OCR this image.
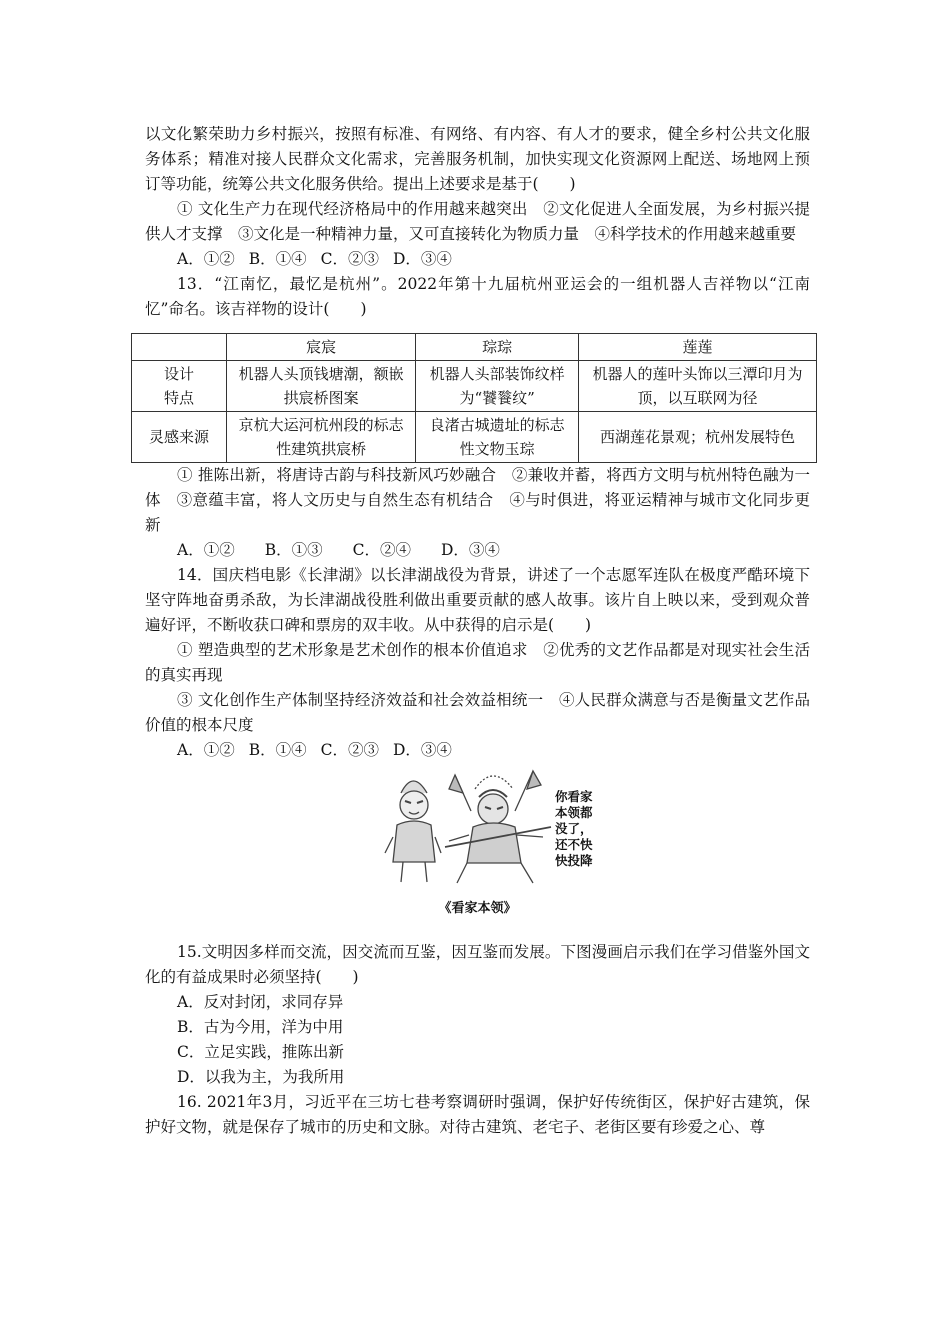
以文化繁荣助力乡村振兴，按照有标准、有网络、有内容、有人才的要求，健全乡村公共文化服务体系；精准对接人民群众文化需求，完善服务机制，加快实现文化资源网上配送、场地网上预订等功能，统筹公共文化服务供给。提出上述要求是基于(　　)

① 文化生产力在现代经济格局中的作用越来越突出　②文化促进人全面发展，为乡村振兴提供人才支撑　③文化是一种精神力量，又可直接转化为物质力量　④科学技术的作用越来越重要

A．①② B．①④ C．②③ D．③④

13．“江南忆，最忆是杭州”。2022年第十九届杭州亚运会的一组机器人吉祥物以“江南忆”命名。该吉祥物的设计(　　)

	宸宸	琮琮	莲莲

设计
特点	机器人头顶钱塘潮，额嵌拱宸桥图案	机器人头部装饰纹样为“饕餮纹”	机器人的莲叶头饰以三潭印月为顶，以互联网为径
灵感来源	京杭大运河杭州段的标志性建筑拱宸桥	良渚古城遗址的标志性文物玉琮	西湖莲花景观；杭州发展特色

① 推陈出新，将唐诗古韵与科技新风巧妙融合　②兼收并蓄，将西方文明与杭州特色融为一体　③意蕴丰富，将人文历史与自然生态有机结合　④与时俱进，将亚运精神与城市文化同步更新

A．①② B．①③ C．②④ D．③④

14．国庆档电影《长津湖》以长津湖战役为背景，讲述了一个志愿军连队在极度严酷环境下坚守阵地奋勇杀敌，为长津湖战役胜利做出重要贡献的感人故事。该片自上映以来，受到观众普遍好评，不断收获口碑和票房的双丰收。从中获得的启示是(　　)

① 塑造典型的艺术形象是艺术创作的根本价值追求　②优秀的文艺作品都是对现实社会生活的真实再现

③ 文化创作生产体制坚持经济效益和社会效益相统一　④人民群众满意与否是衡量文艺作品价值的根本尺度

A．①② B．①④ C．②③ D．③④

你看家
本领都
没了，
还不快
快投降
《看家本领》

15.文明因多样而交流，因交流而互鉴，因互鉴而发展。下图漫画启示我们在学习借鉴外国文化的有益成果时必须坚持(　　)

A．反对封闭，求同存异

B．古为今用，洋为中用

C．立足实践，推陈出新

D．以我为主，为我所用

16. 2021年3月，习近平在三坊七巷考察调研时强调，保护好传统街区，保护好古建筑，保护好文物，就是保存了城市的历史和文脉。对待古建筑、老宅子、老街区要有珍爱之心、尊
